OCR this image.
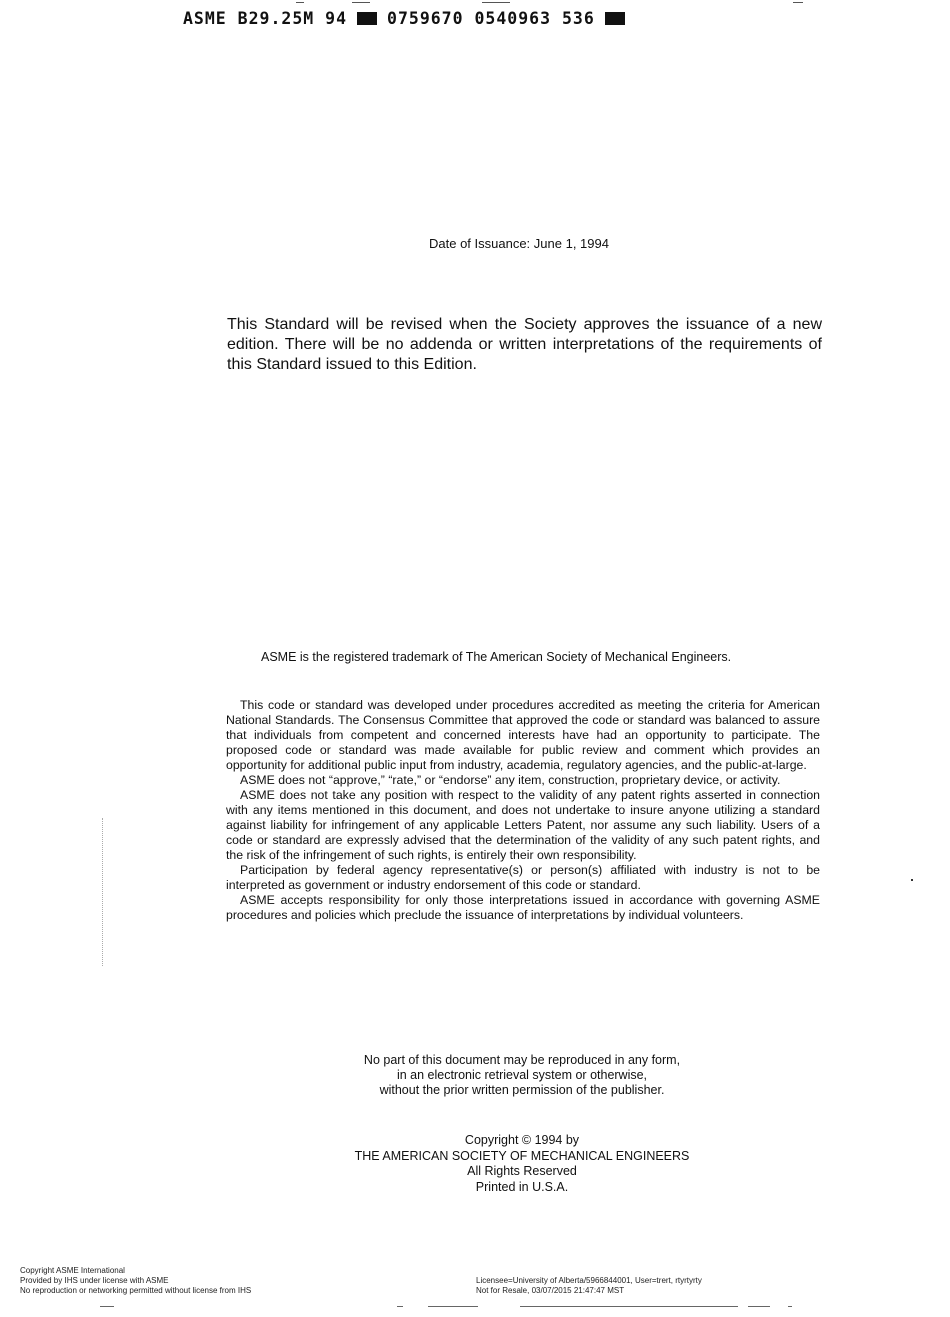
ASME B29.25M 94 0759670 0540963 536
Date of Issuance: June 1, 1994

This Standard will be revised when the Society approves the issuance of a new edition. There will be no addenda or written interpretations of the requirements of this Standard issued to this Edition.

ASME is the registered trademark of The American Society of Mechanical Engineers.

This code or standard was developed under procedures accredited as meeting the criteria for American National Standards. The Consensus Committee that approved the code or standard was balanced to assure that individuals from competent and concerned interests have had an opportunity to participate. The proposed code or standard was made available for public review and comment which provides an opportunity for additional public input from industry, academia, regulatory agencies, and the public-at-large.

ASME does not “approve,” “rate,” or “endorse” any item, construction, proprietary device, or activity.

ASME does not take any position with respect to the validity of any patent rights asserted in connection with any items mentioned in this document, and does not undertake to insure anyone utilizing a standard against liability for infringement of any applicable Letters Patent, nor assume any such liability. Users of a code or standard are expressly advised that the determination of the validity of any such patent rights, and the risk of the infringement of such rights, is entirely their own responsibility.

Participation by federal agency representative(s) or person(s) affiliated with industry is not to be interpreted as government or industry endorsement of this code or standard.

ASME accepts responsibility for only those interpretations issued in accordance with governing ASME procedures and policies which preclude the issuance of interpretations by individual volunteers.

No part of this document may be reproduced in any form,

in an electronic retrieval system or otherwise,

without the prior written permission of the publisher.

Copyright © 1994 by

THE AMERICAN SOCIETY OF MECHANICAL ENGINEERS

All Rights Reserved

Printed in U.S.A.

Copyright ASME International

Provided by IHS under license with ASME

No reproduction or networking permitted without license from IHS

Licensee=University of Alberta/5966844001, User=trert, rtyrtyrty

Not for Resale, 03/07/2015 21:47:47 MST
